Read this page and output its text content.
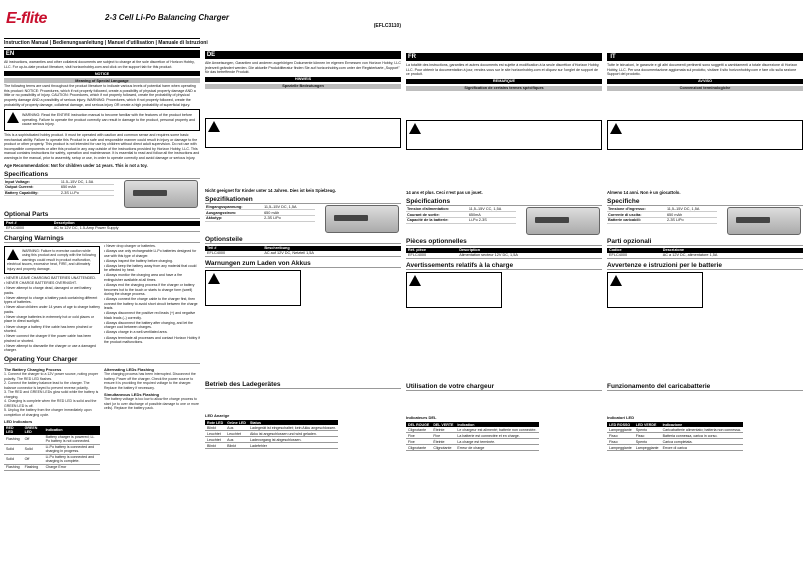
E-flite
Instruction Manual | Bedienungsanleitung | Manuel d'utilisation | Manuale di Istruzioni
EN
All instructions, warranties and other collateral documents are subject to change at the sole discretion of Horizon Hobby, LLC. For up-to-date product literature, visit horizonhobby.com and click on the support tab for this product.
NOTICE
Meaning of Special Language
The following terms are used throughout the product literature to indicate various levels of potential harm when operating this product: NOTICE: Procedures, which if not properly followed, create a possibility of physical property damage AND a little or no possibility of injury. CAUTION: Procedures, which if not properly followed, create the probability of physical property damage AND a possibility of serious injury. WARNING: Procedures, which if not properly followed, create the probability of property damage, collateral damage, and serious injury OR create a high probability of superficial injury.
WARNING: Read the ENTIRE instruction manual to become familiar with the features of the product before operating. Failure to operate the product correctly can result in damage to the product, personal property and cause serious injury.
This is a sophisticated hobby product. It must be operated with caution and common sense and requires some basic mechanical ability. Failure to operate this Product in a safe and responsible manner could result in injury or damage to the product or other property. This product is not intended for use by children without direct adult supervision. Do not use with incompatible components or alter this product in any way outside of the instructions provided by Horizon Hobby, LLC. This manual contains instructions for safety, operation and maintenance. It is essential to read and follow all the instructions and warnings in the manual, prior to assembly, setup or use, in order to operate correctly and avoid damage or serious injury.
Age Recommendation: Not for children under 14 years. This is not a toy.
Specifications
Input Voltage:	11.5–15V DC, 1.5A
Output Current:	650 mAh
Battery Capability:	2-3S Li-Po
Optional Parts
Part #	Description
EFLC4000	AC to 12V DC, 1.5-Amp Power Supply
Charging Warnings
WARNING: Failure to exercise caution while using this product and comply with the following warnings could result in product malfunction, electrical issues, excessive heat, FIRE, and ultimately injury and property damage.
• NEVER LEAVE CHARGING BATTERIES UNATTENDED.
• NEVER CHARGE BATTERIES OVERNIGHT.
• Never attempt to charge dead, damaged or wet battery packs.
• Never attempt to charge a battery pack containing different types of batteries.
• Never allow children under 14 years of age to charge battery packs.
• Never charge batteries in extremely hot or cold places or place in direct sunlight.
• Never charge a battery if the cable has been pinched or shorted.
• Never connect the charger if the power cable has been pinched or shorted.
• Never attempt to dismantle the charger or use a damaged charger.
• Never drop charger or batteries.
• Always use only rechargeable Li-Po batteries designed for use with this type of charger.
• Always inspect the battery before charging.
• Always keep the battery away from any material that could be affected by heat.
• Always monitor the charging area and have a fire extinguisher available at all times.
• Always end the charging process if the charger or battery becomes hot to the touch or starts to change form (swell) during the charge process.
• Always connect the charge cable to the charger first, then connect the battery to avoid short circuit between the charge leads.
• Always disconnect the positive red leads (+) and negative black leads (–) correctly.
• Always disconnect the battery after charging, and let the charger cool between charges.
• Always charge in a well-ventilated area.
• Always terminate all processes and contact Horizon Hobby if the product malfunctions.
Operating Your Charger
The Battery Charging Process
1. Connect the charger to a 12V power source, noting proper polarity. The RED LED flashes.
2. Connect the battery balance lead to the charger. The balance connector is keyed to prevent reverse polarity.
3. The RED and GREEN LEDs glow solid while the battery is charging.
4. Charging is complete when the RED LED is solid and the GREEN LED is off.
5. Unplug the battery from the charger immediately upon completion of charging cycle.
LED Indicators
RED LED	GREEN LED	Indication
Flashing	Off	Battery charger is powered; Li-Po battery is not connected.
Solid	Solid	Li-Po battery is connected and charging in progress.
Solid	Off	Li-Po battery is connected and charging is complete.
Flashing	Flashing	Charge Error
Alternating LEDs Flashing
The charging process has been interrupted. Disconnect the battery. Power off the charger. Check the power source to ensure it is providing the required voltage to the charger. Replace the battery if necessary.
Simultaneous LEDs Flashing
The battery voltage is too low to allow the charge process to start (or to over discharge of possible damage to one or more cells). Replace the battery pack.
2-3 Cell Li-Po Balancing Charger
(EFLC3110)
DE
Alle Anweisungen, Garantien und anderen zugehörigen Dokumente können im eigenen Ermessen von Horizon Hobby, LLC jederzeit geändert werden. Die aktuelle Produktliteratur finden Sie auf horizonhobby.com unter der Registerkarte „Support" für das betreffende Produkt.
HINWEIS
Spezielle Bedeutungen
Nicht geeignet für Kinder unter 14 Jahren. Dies ist kein Spielzeug.
Spezifikationen
Eingangsspannung:	11,5–15V DC, 1,5A
Ausgangsstrom:	650 mAh
Akkutyp:	2-3S LiPo
Optionsteile
Teil #	Beschreibung
EFLC4000	AC auf 12V DC, Netzteil 1,5A
Warnungen zum Laden von Akkus
Betrieb des Ladegerätes
LED Anzeige
Rote LED	Grüne LED	Status
Blinkt	Aus	Ladegerät ist eingeschaltet; kein Akku angeschlossen.
Leuchtet	Leuchtet	Akku ist angeschlossen und wird geladen.
Leuchtet	Aus	Ladevorgang ist abgeschlossen.
Blinkt	Blinkt	Ladefehler
FR
La totalité des instructions, garanties et autres documents est sujette à modification à la seule discrétion d'Horizon Hobby, LLC. Pour obtenir la documentation à jour, rendez-vous sur le site horizonhobby.com et cliquez sur l'onglet de support de ce produit.
REMARQUE
Signification de certains termes spécifiques
14 ans et plus. Ceci n'est pas un jouet.
Spécifications
Tension d'alimentation:	11,5–15V CC, 1,5A
Courant de sortie:	650mA
Capacité de la batterie:	Li-Po 2-3S
Pièces optionnelles
Réf. pièce	Description
EFLC4000	Alimentation secteur 12V DC, 1,5A
Avertissements relatifs à la charge
Utilisation de votre chargeur
Indicateurs DEL
DEL ROUGE	DEL VERTE	Indication
Clignotante	Éteinte	Le chargeur est alimenté; batterie non connectée.
Fixe	Fixe	La batterie est connectée et en charge.
Fixe	Éteinte	La charge est terminée.
Clignotante	Clignotante	Erreur de charge
IT
Tutte le istruzioni, le garanzie e gli altri documenti pertinenti sono soggetti a cambiamenti a totale discrezione di Horizon Hobby, LLC. Per una documentazione aggiornata sul prodotto, visitare il sito horizonhobby.com e fare clic sulla sezione Support del prodotto.
AVVISO
Convenzioni terminologiche
Almeno 14 anni. Non è un giocattolo.
Specifiche
Tensione d'ingresso:	11,5–15V DC, 1,5A
Corrente di uscita:	650 mAh
Batterie caricabili:	2-3S LiPo
Parti opzionali
Codice	Descrizione
EFLC4000	AC a 12V DC, alimentatore 1,5A
Avvertenze e istruzioni per le batterie
Funzionamento del caricabatterie
Indicatori LED
LED ROSSO	LED VERDE	Indicazione
Lampeggiante	Spento	Caricabatterie alimentato; batteria non connessa.
Fisso	Fisso	Batteria connessa, carica in corso.
Fisso	Spento	Carica completata.
Lampeggiante	Lampeggiante	Errore di carica
